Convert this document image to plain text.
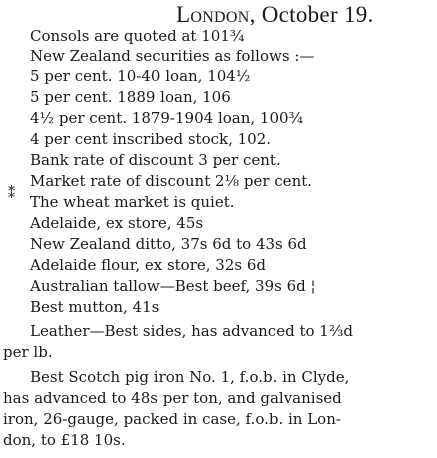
London, October 19.
⁑
Consols are quoted at 101¾
New Zealand securities as follows :—
5 per cent. 10-40 loan, 104½
5 per cent. 1889 loan, 106
4½ per cent. 1879-1904 loan, 100¾
4 per cent inscribed stock, 102.
Bank rate of discount 3 per cent.
Market rate of discount 2⅛ per cent.
The wheat market is quiet.
Adelaide, ex store, 45s
New Zealand ditto, 37s 6d to 43s 6d
Adelaide flour, ex store, 32s 6d
Australian tallow—Best beef, 39s 6d ¦
Best mutton, 41s
Leather—Best sides, has advanced to 1⅔d
per lb.
Best Scotch pig iron No. 1, f.o.b. in Clyde,
has advanced to 48s per ton, and galvanised
iron, 26-gauge, packed in case, f.o.b. in Lon-
don, to £18 10s.
